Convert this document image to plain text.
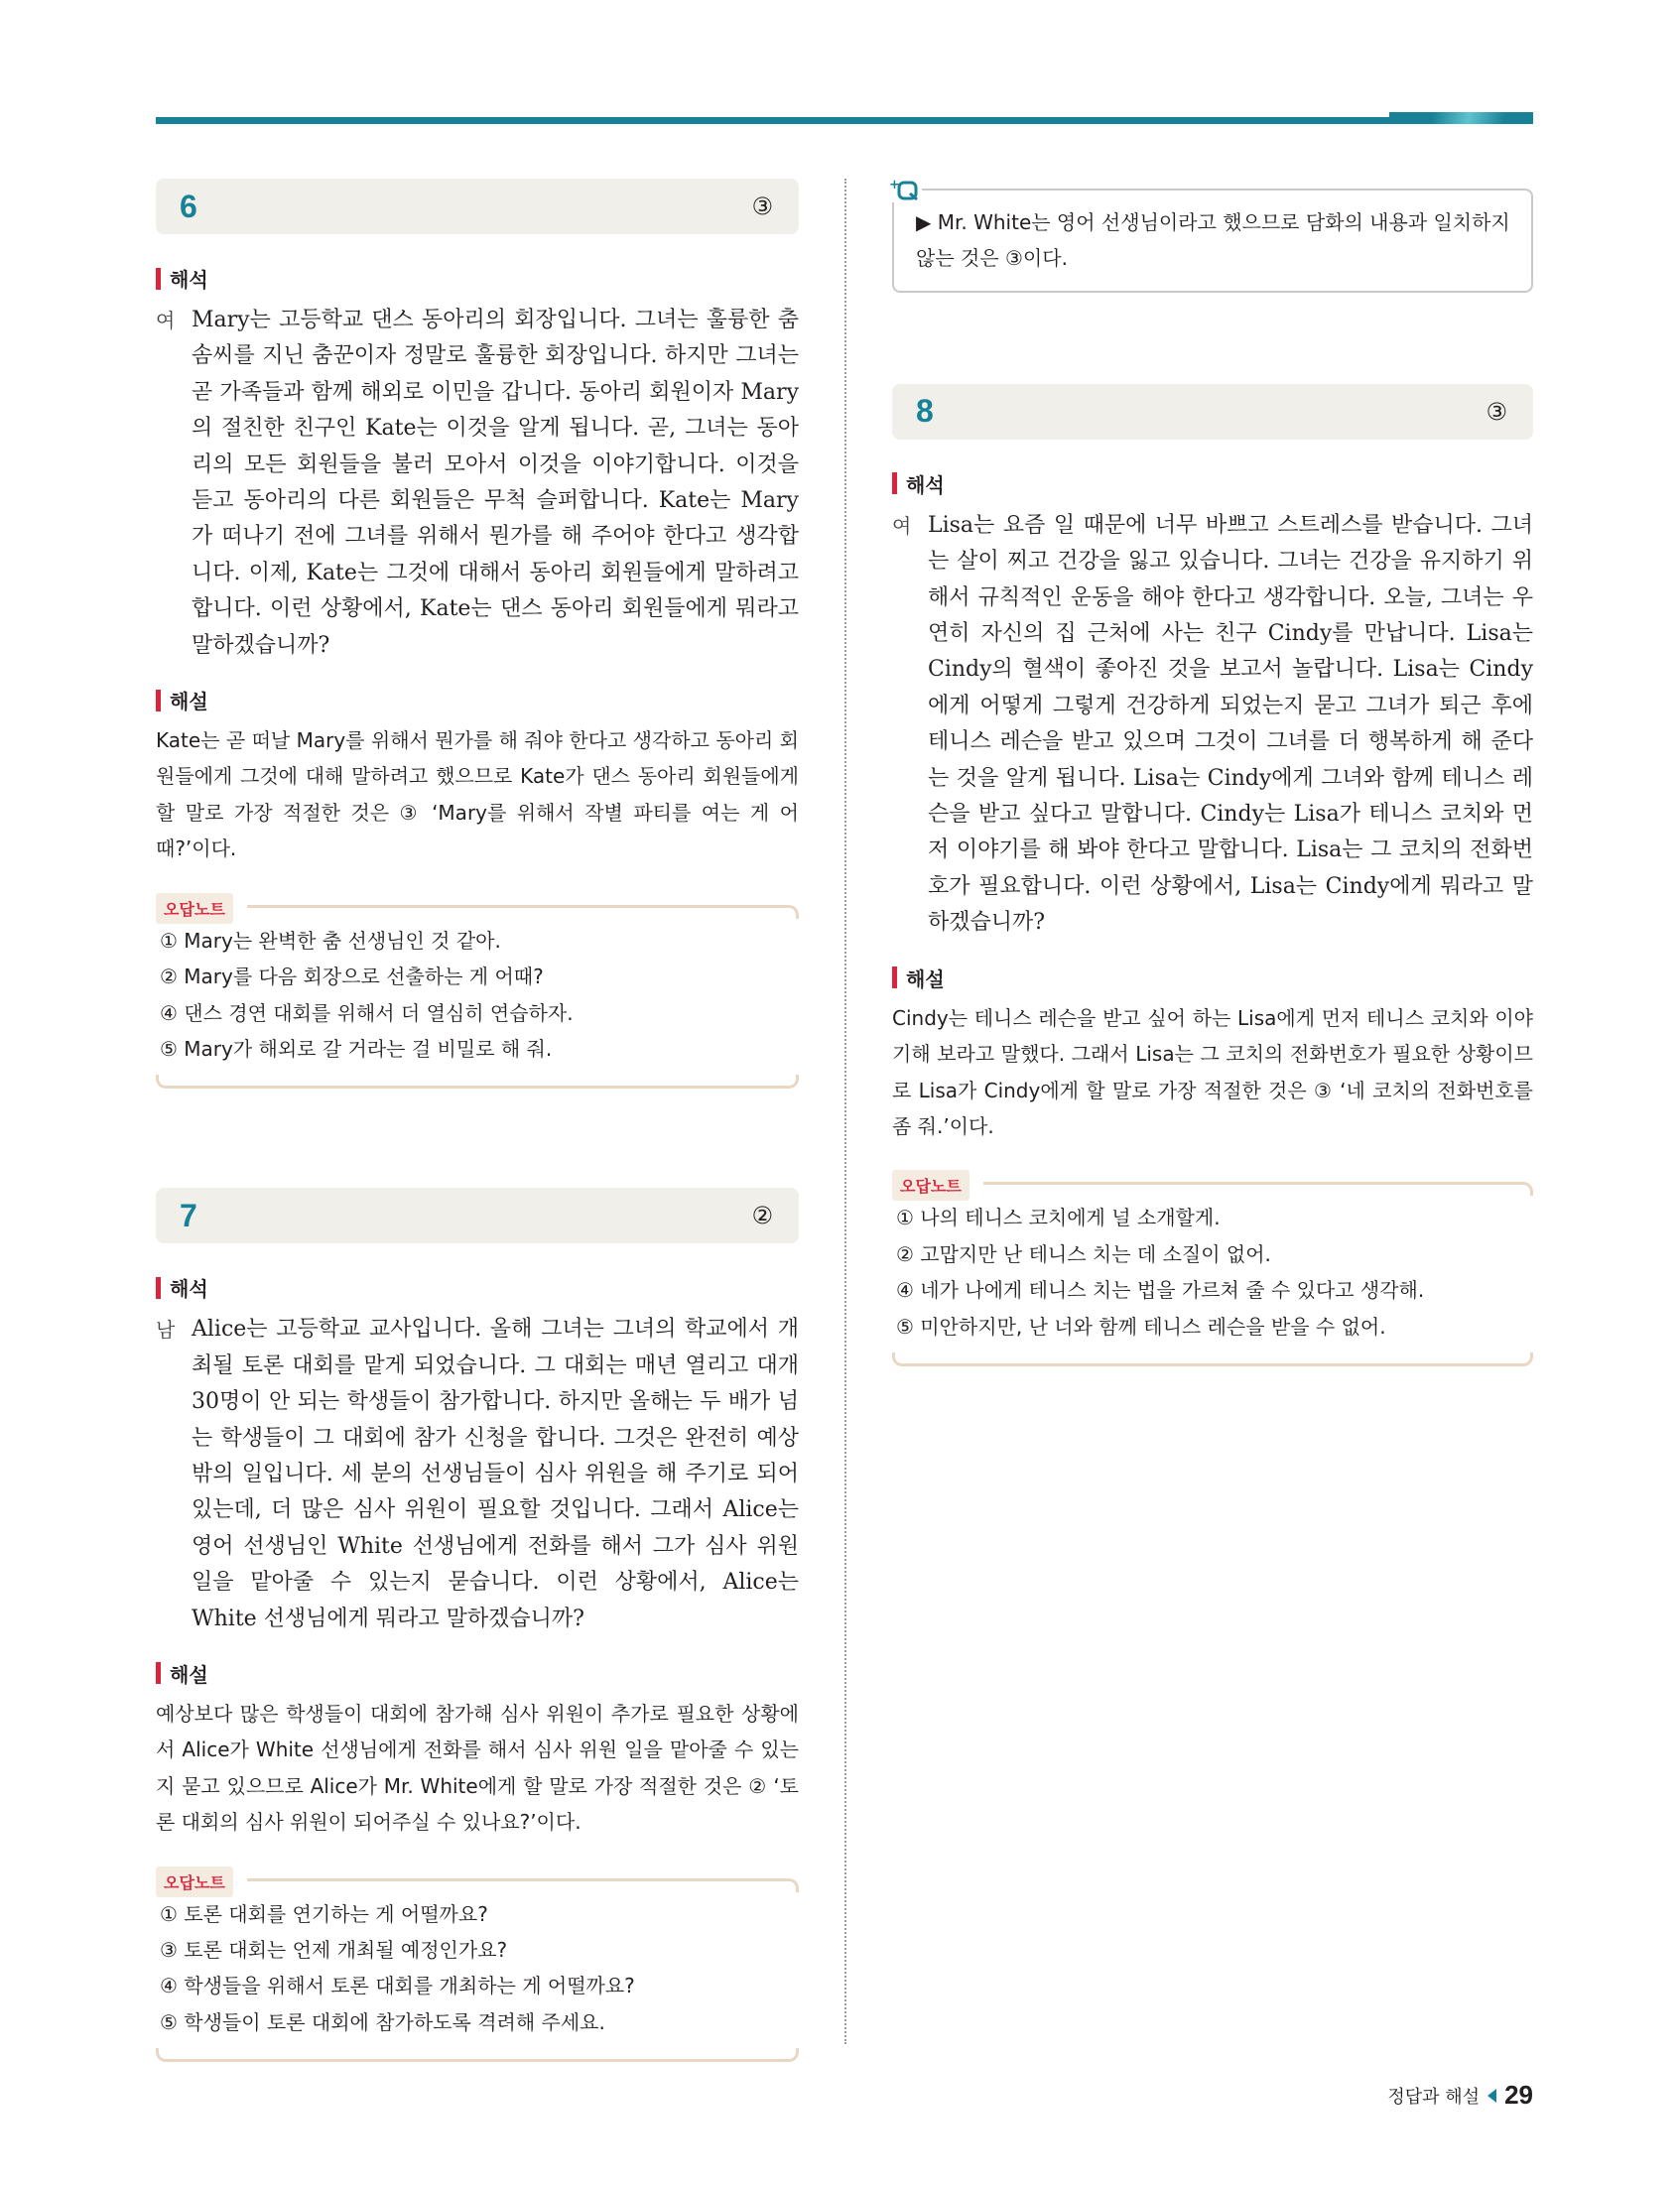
6	③
해석
여 Mary는 고등학교 댄스 동아리의 회장입니다. 그녀는 훌륭한 춤 솜씨를 지닌 춤꾼이자 정말로 훌륭한 회장입니다. 하지만 그녀는 곧 가족들과 함께 해외로 이민을 갑니다. 동아리 회원이자 Mary의 절친한 친구인 Kate는 이것을 알게 됩니다. 곧, 그녀는 동아리의 모든 회원들을 불러 모아서 이것을 이야기합니다. 이것을 듣고 동아리의 다른 회원들은 무척 슬퍼합니다. Kate는 Mary가 떠나기 전에 그녀를 위해서 뭔가를 해 주어야 한다고 생각합니다. 이제, Kate는 그것에 대해서 동아리 회원들에게 말하려고 합니다. 이런 상황에서, Kate는 댄스 동아리 회원들에게 뭐라고 말하겠습니까?

해설

Kate는 곧 떠날 Mary를 위해서 뭔가를 해 줘야 한다고 생각하고 동아리 회원들에게 그것에 대해 말하려고 했으므로 Kate가 댄스 동아리 회원들에게 할 말로 가장 적절한 것은 ③ ‘Mary를 위해서 작별 파티를 여는 게 어때?’이다.

오답노트
① Mary는 완벽한 춤 선생님인 것 같아.
② Mary를 다음 회장으로 선출하는 게 어때?
④ 댄스 경연 대회를 위해서 더 열심히 연습하자.
⑤ Mary가 해외로 갈 거라는 걸 비밀로 해 줘.
7	②
해석
남 Alice는 고등학교 교사입니다. 올해 그녀는 그녀의 학교에서 개최될 토론 대회를 맡게 되었습니다. 그 대회는 매년 열리고 대개 30명이 안 되는 학생들이 참가합니다. 하지만 올해는 두 배가 넘는 학생들이 그 대회에 참가 신청을 합니다. 그것은 완전히 예상 밖의 일입니다. 세 분의 선생님들이 심사 위원을 해 주기로 되어 있는데, 더 많은 심사 위원이 필요할 것입니다. 그래서 Alice는 영어 선생님인 White 선생님에게 전화를 해서 그가 심사 위원 일을 맡아줄 수 있는지 묻습니다. 이런 상황에서, Alice는 White 선생님에게 뭐라고 말하겠습니까?

해설

예상보다 많은 학생들이 대회에 참가해 심사 위원이 추가로 필요한 상황에서 Alice가 White 선생님에게 전화를 해서 심사 위원 일을 맡아줄 수 있는지 묻고 있으므로 Alice가 Mr. White에게 할 말로 가장 적절한 것은 ② ‘토론 대회의 심사 위원이 되어주실 수 있나요?’이다.

오답노트
① 토론 대회를 연기하는 게 어떨까요?
③ 토론 대회는 언제 개최될 예정인가요?
④ 학생들을 위해서 토론 대회를 개최하는 게 어떨까요?
⑤ 학생들이 토론 대회에 참가하도록 격려해 주세요.
+

▶ Mr. White는 영어 선생님이라고 했으므로 담화의 내용과 일치하지 않는 것은 ③이다.

8	③
해석
여 Lisa는 요즘 일 때문에 너무 바쁘고 스트레스를 받습니다. 그녀는 살이 찌고 건강을 잃고 있습니다. 그녀는 건강을 유지하기 위해서 규칙적인 운동을 해야 한다고 생각합니다. 오늘, 그녀는 우연히 자신의 집 근처에 사는 친구 Cindy를 만납니다. Lisa는 Cindy의 혈색이 좋아진 것을 보고서 놀랍니다. Lisa는 Cindy에게 어떻게 그렇게 건강하게 되었는지 묻고 그녀가 퇴근 후에 테니스 레슨을 받고 있으며 그것이 그녀를 더 행복하게 해 준다는 것을 알게 됩니다. Lisa는 Cindy에게 그녀와 함께 테니스 레슨을 받고 싶다고 말합니다. Cindy는 Lisa가 테니스 코치와 먼저 이야기를 해 봐야 한다고 말합니다. Lisa는 그 코치의 전화번호가 필요합니다. 이런 상황에서, Lisa는 Cindy에게 뭐라고 말하겠습니까?

해설

Cindy는 테니스 레슨을 받고 싶어 하는 Lisa에게 먼저 테니스 코치와 이야기해 보라고 말했다. 그래서 Lisa는 그 코치의 전화번호가 필요한 상황이므로 Lisa가 Cindy에게 할 말로 가장 적절한 것은 ③ ‘네 코치의 전화번호를 좀 줘.’이다.

오답노트
① 나의 테니스 코치에게 널 소개할게.
② 고맙지만 난 테니스 치는 데 소질이 없어.
④ 네가 나에게 테니스 치는 법을 가르쳐 줄 수 있다고 생각해.
⑤ 미안하지만, 난 너와 함께 테니스 레슨을 받을 수 없어.
정답과 해설 29
